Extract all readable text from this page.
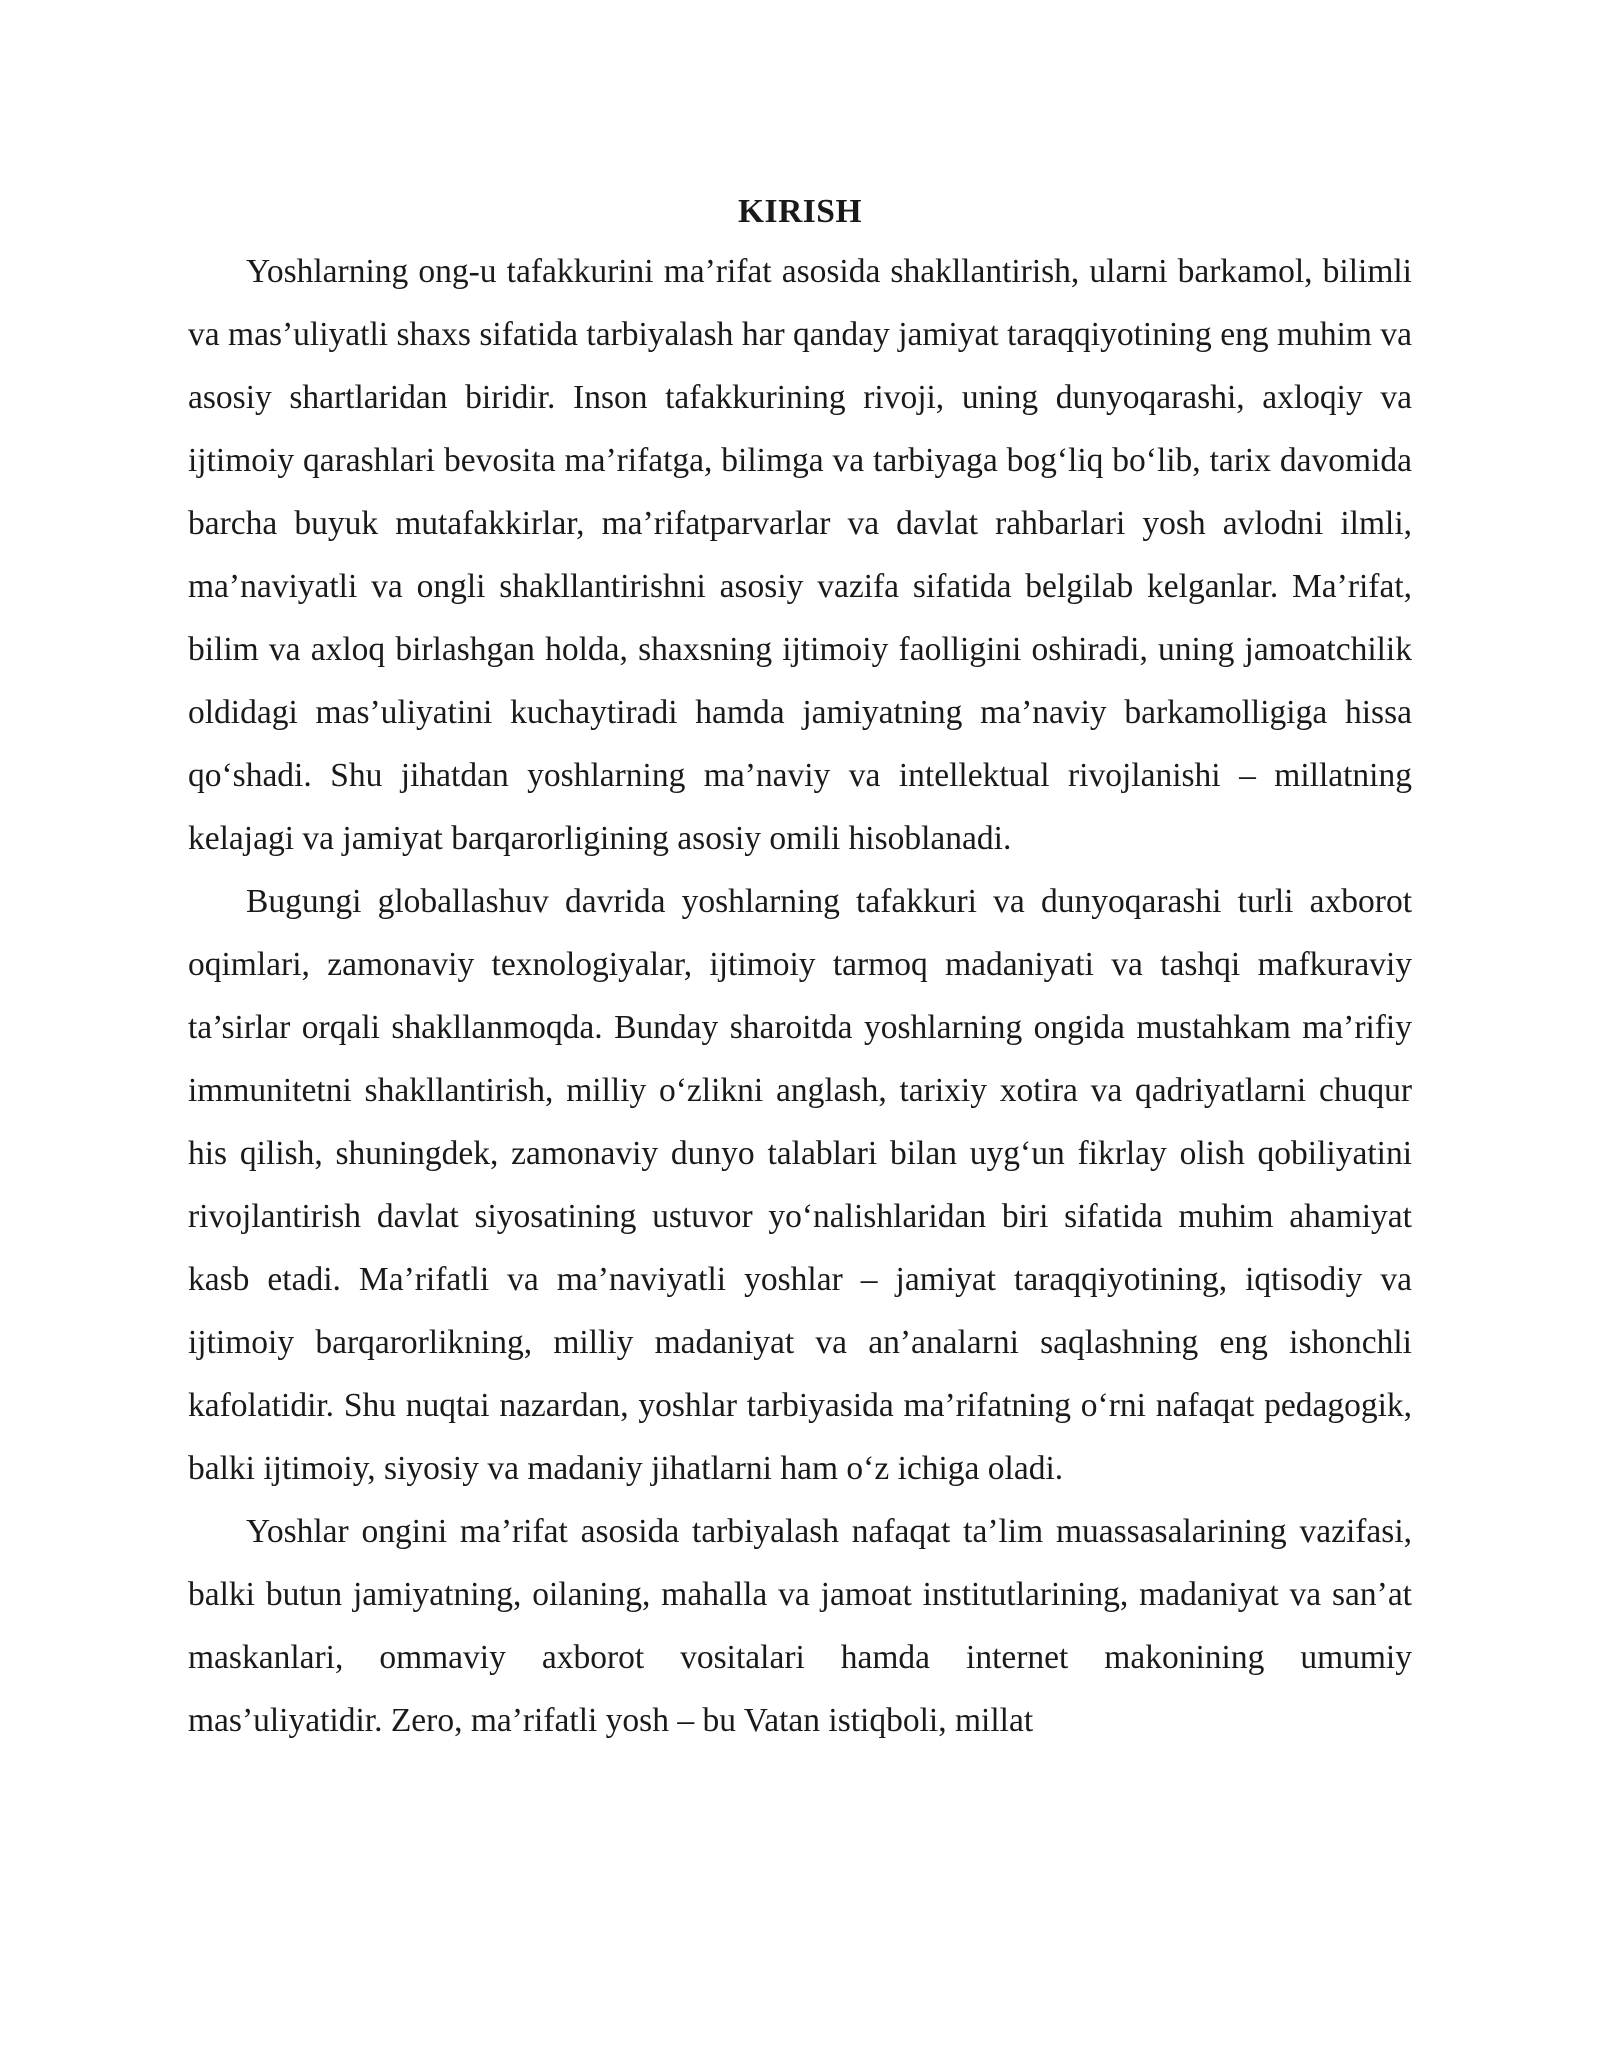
KIRISH

Yoshlarning ong-u tafakkurini ma’rifat asosida shakllantirish, ularni barkamol, bilimli va mas’uliyatli shaxs sifatida tarbiyalash har qanday jamiyat taraqqiyotining eng muhim va asosiy shartlaridan biridir. Inson tafakkurining rivoji, uning dunyoqarashi, axloqiy va ijtimoiy qarashlari bevosita ma’rifatga, bilimga va tarbiyaga bog‘liq bo‘lib, tarix davomida barcha buyuk mutafakkirlar, ma’rifatparvarlar va davlat rahbarlari yosh avlodni ilmli, ma’naviyatli va ongli shakllantirishni asosiy vazifa sifatida belgilab kelganlar. Ma’rifat, bilim va axloq birlashgan holda, shaxsning ijtimoiy faolligini oshiradi, uning jamoatchilik oldidagi mas’uliyatini kuchaytiradi hamda jamiyatning ma’naviy barkamolligiga hissa qo‘shadi. Shu jihatdan yoshlarning ma’naviy va intellektual rivojlanishi – millatning kelajagi va jamiyat barqarorligining asosiy omili hisoblanadi.

Bugungi globallashuv davrida yoshlarning tafakkuri va dunyoqarashi turli axborot oqimlari, zamonaviy texnologiyalar, ijtimoiy tarmoq madaniyati va tashqi mafkuraviy ta’sirlar orqali shakllanmoqda. Bunday sharoitda yoshlarning ongida mustahkam ma’rifiy immunitetni shakllantirish, milliy o‘zlikni anglash, tarixiy xotira va qadriyatlarni chuqur his qilish, shuningdek, zamonaviy dunyo talablari bilan uyg‘un fikrlay olish qobiliyatini rivojlantirish davlat siyosatining ustuvor yo‘nalishlaridan biri sifatida muhim ahamiyat kasb etadi. Ma’rifatli va ma’naviyatli yoshlar – jamiyat taraqqiyotining, iqtisodiy va ijtimoiy barqarorlikning, milliy madaniyat va an’analarni saqlashning eng ishonchli kafolatidir. Shu nuqtai nazardan, yoshlar tarbiyasida ma’rifatning o‘rni nafaqat pedagogik, balki ijtimoiy, siyosiy va madaniy jihatlarni ham o‘z ichiga oladi.

Yoshlar ongini ma’rifat asosida tarbiyalash nafaqat ta’lim muassasalarining vazifasi, balki butun jamiyatning, oilaning, mahalla va jamoat institutlarining, madaniyat va san’at maskanlari, ommaviy axborot vositalari hamda internet makonining umumiy mas’uliyatidir. Zero, ma’rifatli yosh – bu Vatan istiqboli, millat
